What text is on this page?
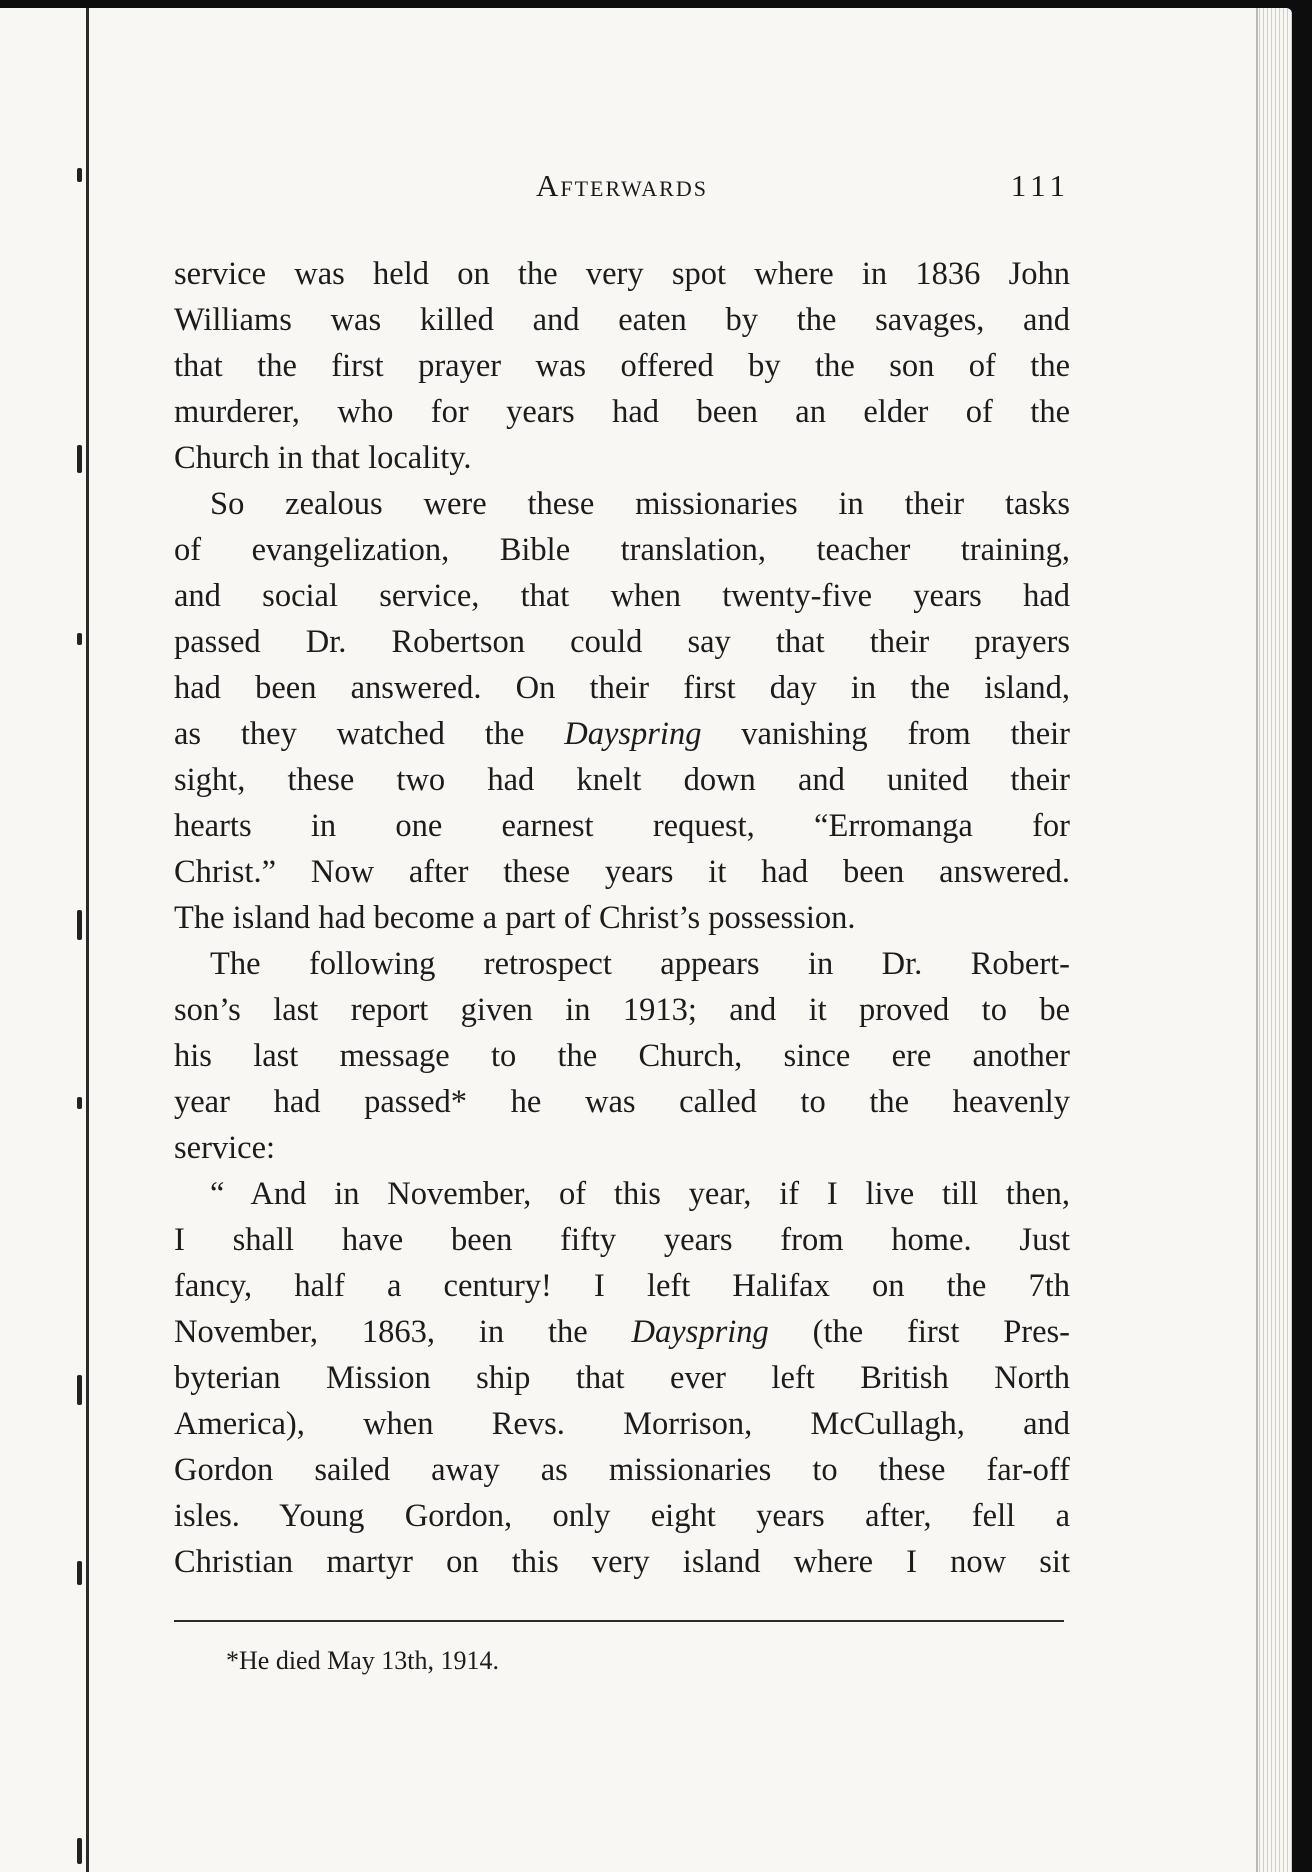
Afterwards	111

service was held on the very spot where in 1836 John
Williams was killed and eaten by the savages, and
that the first prayer was offered by the son of the
murderer, who for years had been an elder of the
Church in that locality.

So zealous were these missionaries in their tasks
of evangelization, Bible translation, teacher training,
and social service, that when twenty-five years had
passed Dr. Robertson could say that their prayers
had been answered. On their first day in the island,
as they watched the Dayspring vanishing from their
sight, these two had knelt down and united their
hearts in one earnest request, “Erromanga for
Christ.” Now after these years it had been answered.
The island had become a part of Christ’s possession.

The following retrospect appears in Dr. Robert-
son’s last report given in 1913; and it proved to be
his last message to the Church, since ere another
year had passed* he was called to the heavenly
service:

“ And in November, of this year, if I live till then,
I shall have been fifty years from home. Just
fancy, half a century! I left Halifax on the 7th
November, 1863, in the Dayspring (the first Pres-
byterian Mission ship that ever left British North
America), when Revs. Morrison, McCullagh, and
Gordon sailed away as missionaries to these far-off
isles. Young Gordon, only eight years after, fell a
Christian martyr on this very island where I now sit

*He died May 13th, 1914.
